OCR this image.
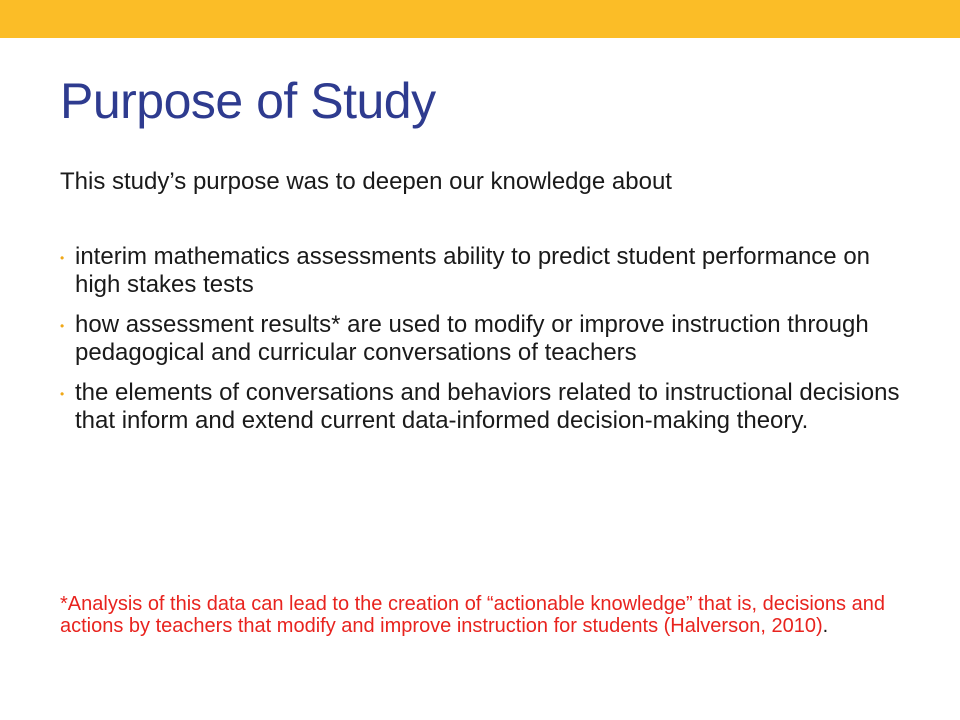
Purpose of Study

This study’s purpose was to deepen our knowledge about

• interim mathematics assessments ability to predict student performance on high stakes tests
• how assessment results* are used to modify or improve instruction through pedagogical and curricular conversations of teachers
• the elements of conversations and behaviors related to instructional decisions that inform and extend current data-informed decision-making theory.

*Analysis of this data can lead to the creation of “actionable knowledge” that is, decisions and actions by teachers that modify and improve instruction for students (Halverson, 2010).
